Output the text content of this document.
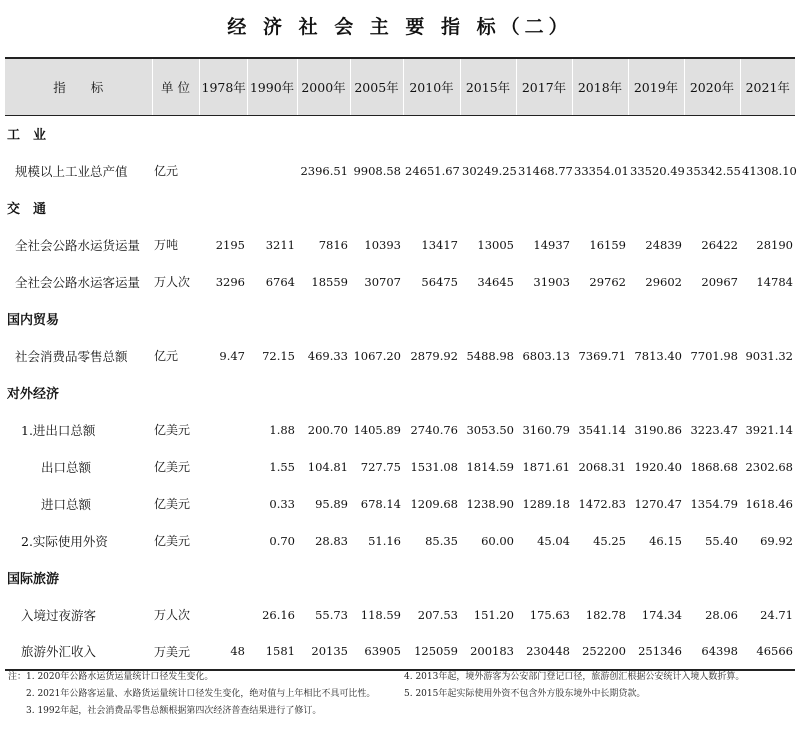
经 济 社 会 主 要 指 标（二）
指　　标	单 位	1978年	1990年	2000年	2005年	2010年	2015年	2017年	2018年	2019年	2020年	2021年
工　业												
规模以上工业总产值	亿元			2396.51	9908.58	24651.67	30249.25	31468.77	33354.01	33520.49	35342.55	41308.10
交　通												
全社会公路水运货运量	万吨	2195	3211	7816	10393	13417	13005	14937	16159	24839	26422	28190
全社会公路水运客运量	万人次	3296	6764	18559	30707	56475	34645	31903	29762	29602	20967	14784
国内贸易												
社会消费品零售总额	亿元	9.47	72.15	469.33	1067.20	2879.92	5488.98	6803.13	7369.71	7813.40	7701.98	9031.32
对外经济												
1.进出口总额	亿美元		1.88	200.70	1405.89	2740.76	3053.50	3160.79	3541.14	3190.86	3223.47	3921.14
出口总额	亿美元		1.55	104.81	727.75	1531.08	1814.59	1871.61	2068.31	1920.40	1868.68	2302.68
进口总额	亿美元		0.33	95.89	678.14	1209.68	1238.90	1289.18	1472.83	1270.47	1354.79	1618.46
2.实际使用外资	亿美元		0.70	28.83	51.16	85.35	60.00	45.04	45.25	46.15	55.40	69.92
国际旅游												
入境过夜游客	万人次		26.16	55.73	118.59	207.53	151.20	175.63	182.78	174.34	28.06	24.71
旅游外汇收入	万美元	48	1581	20135	63905	125059	200183	230448	252200	251346	64398	46566
注：1. 2020年公路水运货运量统计口径发生变化。
　　2. 2021年公路客运量、水路货运量统计口径发生变化，绝对值与上年相比不具可比性。
　　3. 1992年起，社会消费品零售总额根据第四次经济普查结果进行了修订。
4. 2013年起，境外游客为公安部门登记口径，旅游创汇根据公安统计入境人数折算。
5. 2015年起实际使用外资不包含外方股东境外中长期贷款。
